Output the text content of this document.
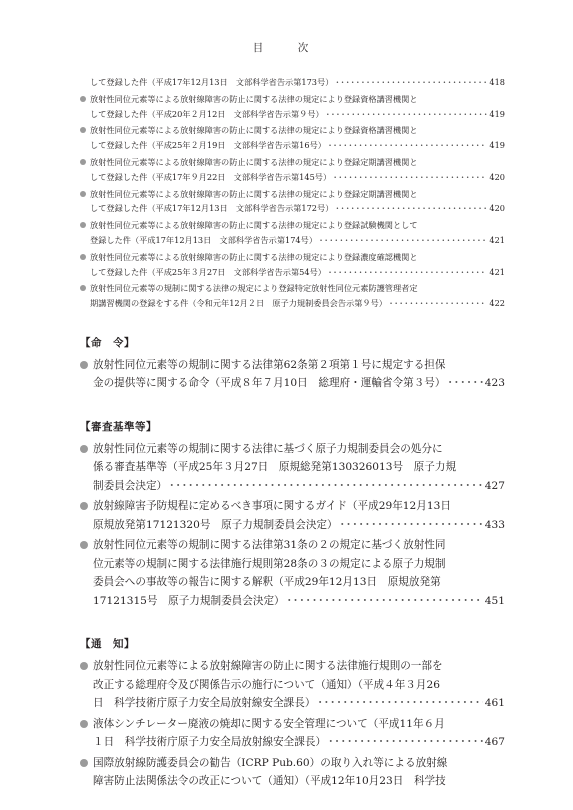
目　次
して登録した件（平成17年12月13日　文部科学省告示第173号） ･････････････････････････････････････････････････････････････････････････････････････････････････････････	418
放射性同位元素等による放射線障害の防止に関する法律の規定により登録資格講習機関と
して登録した件（平成20年２月12日　文部科学省告示第９号） ･････････････････････････････････････････････････････････････････････････････････････････････････････････	419
放射性同位元素等による放射線障害の防止に関する法律の規定により登録資格講習機関と
して登録した件（平成25年２月19日　文部科学省告示第16号） ･････････････････････････････････････････････････････････････････････････････････････････････････････････	419
放射性同位元素等による放射線障害の防止に関する法律の規定により登録定期講習機関と
して登録した件（平成17年９月22日　文部科学省告示第145号） ･････････････････････････････････････････････････････････････････････････････････････････････････････････	420
放射性同位元素等による放射線障害の防止に関する法律の規定により登録定期講習機関と
して登録した件（平成17年12月13日　文部科学省告示第172号） ･････････････････････････････････････････････････････････････････････････････････････････････････････････	420
放射性同位元素等による放射線障害の防止に関する法律の規定により登録試験機関として
登録した件（平成17年12月13日　文部科学省告示第174号） ･････････････････････････････････････････････････････････････････････････････････････････････････････････	421
放射性同位元素等による放射線障害の防止に関する法律の規定により登録濃度確認機関と
して登録した件（平成25年３月27日　文部科学省告示第54号） ･････････････････････････････････････････････････････････････････････････････････････････････････････････	421
放射性同位元素等の規制に関する法律の規定により登録特定放射性同位元素防護管理者定
期講習機関の登録をする件（令和元年12月２日　原子力規制委員会告示第９号） ･････････････････････････････････････････････････････････････････････････････････････････････････････････	422
【命　令】
放射性同位元素等の規制に関する法律第62条第２項第１号に規定する担保
金の提供等に関する命令（平成８年７月10日　総理府・運輸省令第３号） ･････････････････････････････････････････････････････････････････････････････････････････････････････････	423
【審査基準等】
放射性同位元素等の規制に関する法律に基づく原子力規制委員会の処分に
係る審査基準等（平成25年３月27日　原規総発第130326013号　原子力規
制委員会決定） ･････････････････････････････････････････････････････････････････････････････････････････････････････････	427
放射線障害予防規程に定めるべき事項に関するガイド（平成29年12月13日
原規放発第17121320号　原子力規制委員会決定） ･････････････････････････････････････････････････････････････････････････････････････････････････････････	433
放射性同位元素等の規制に関する法律第31条の２の規定に基づく放射性同
位元素等の規制に関する法律施行規則第28条の３の規定による原子力規制
委員会への事故等の報告に関する解釈（平成29年12月13日　原規放発第
17121315号　原子力規制委員会決定） ･････････････････････････････････････････････････････････････････････････････････････････････････････････	451
【通　知】
放射性同位元素等による放射線障害の防止に関する法律施行規則の一部を
改正する総理府令及び関係告示の施行について（通知）（平成４年３月26
日　科学技術庁原子力安全局放射線安全課長） ･････････････････････････････････････････････････････････････････････････････････････････････････････････	461
液体シンチレーター廃液の焼却に関する安全管理について（平成11年６月
１日　科学技術庁原子力安全局放射線安全課長） ･････････････････････････････････････････････････････････････････････････････････････････････････････････	467
国際放射線防護委員会の勧告（ICRP Pub.60）の取り入れ等による放射線
障害防止法関係法令の改正について（通知）（平成12年10月23日　科学技
